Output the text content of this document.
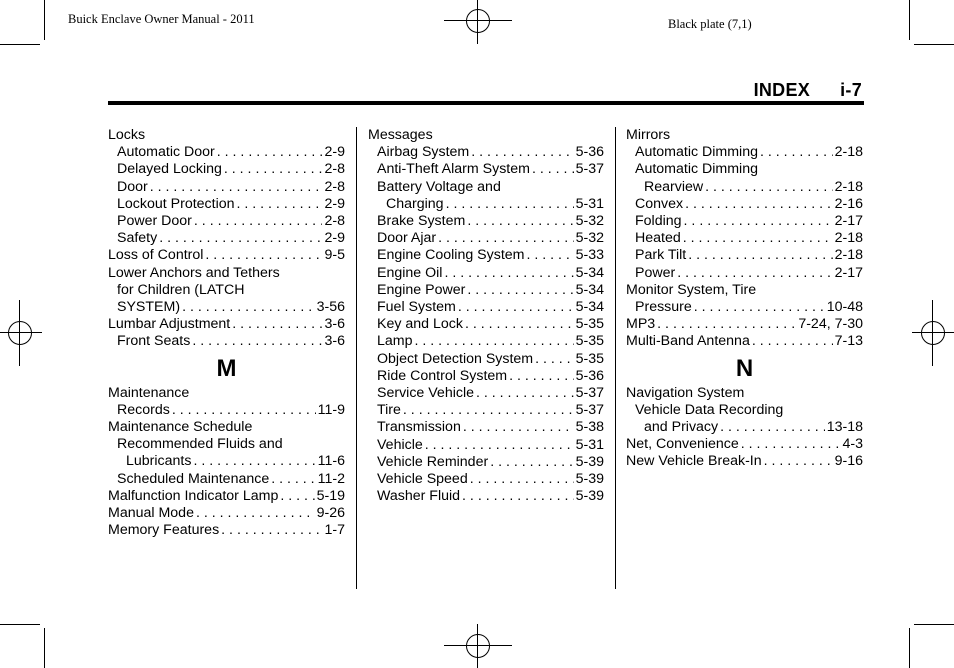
Buick Enclave Owner Manual - 2011	Black plate (7,1)
INDEX i-7
Locks
Automatic Door . . .	2-9
Delayed Locking . . .	2-8
Door . . .	2-8
Lockout Protection . . .	2-9
Power Door . . .	2-8
Safety . . .	2-9
Loss of Control . . .	9-5
Lower Anchors and Tethers
for Children (LATCH
SYSTEM) . . .	3-56
Lumbar Adjustment . . .	3-6
Front Seats . . .	3-6
M
Maintenance
Records . . .	11-9
Maintenance Schedule
Recommended Fluids and
Lubricants . . .	11-6
Scheduled Maintenance . . .	11-2
Malfunction Indicator Lamp . . .	5-19
Manual Mode . . .	9-26
Memory Features . . .	1-7
Messages
Airbag System . . .	5-36
Anti-Theft Alarm System . . .	5-37
Battery Voltage and
Charging . . .	5-31
Brake System . . .	5-32
Door Ajar . . .	5-32
Engine Cooling System . . .	5-33
Engine Oil . . .	5-34
Engine Power . . .	5-34
Fuel System . . .	5-34
Key and Lock . . .	5-35
Lamp . . .	5-35
Object Detection System . . .	5-35
Ride Control System . . .	5-36
Service Vehicle . . .	5-37
Tire . . .	5-37
Transmission . . .	5-38
Vehicle . . .	5-31
Vehicle Reminder . . .	5-39
Vehicle Speed . . .	5-39
Washer Fluid . . .	5-39
Mirrors
Automatic Dimming . . .	2-18
Automatic Dimming
Rearview . . .	2-18
Convex . . .	2-16
Folding . . .	2-17
Heated . . .	2-18
Park Tilt . . .	2-18
Power . . .	2-17
Monitor System, Tire
Pressure . . .	10-48
MP3 . . .	7-24, 7-30
Multi-Band Antenna . . .	7-13
N
Navigation System
Vehicle Data Recording
and Privacy . . .	13-18
Net, Convenience . . .	4-3
New Vehicle Break-In . . .	9-16
